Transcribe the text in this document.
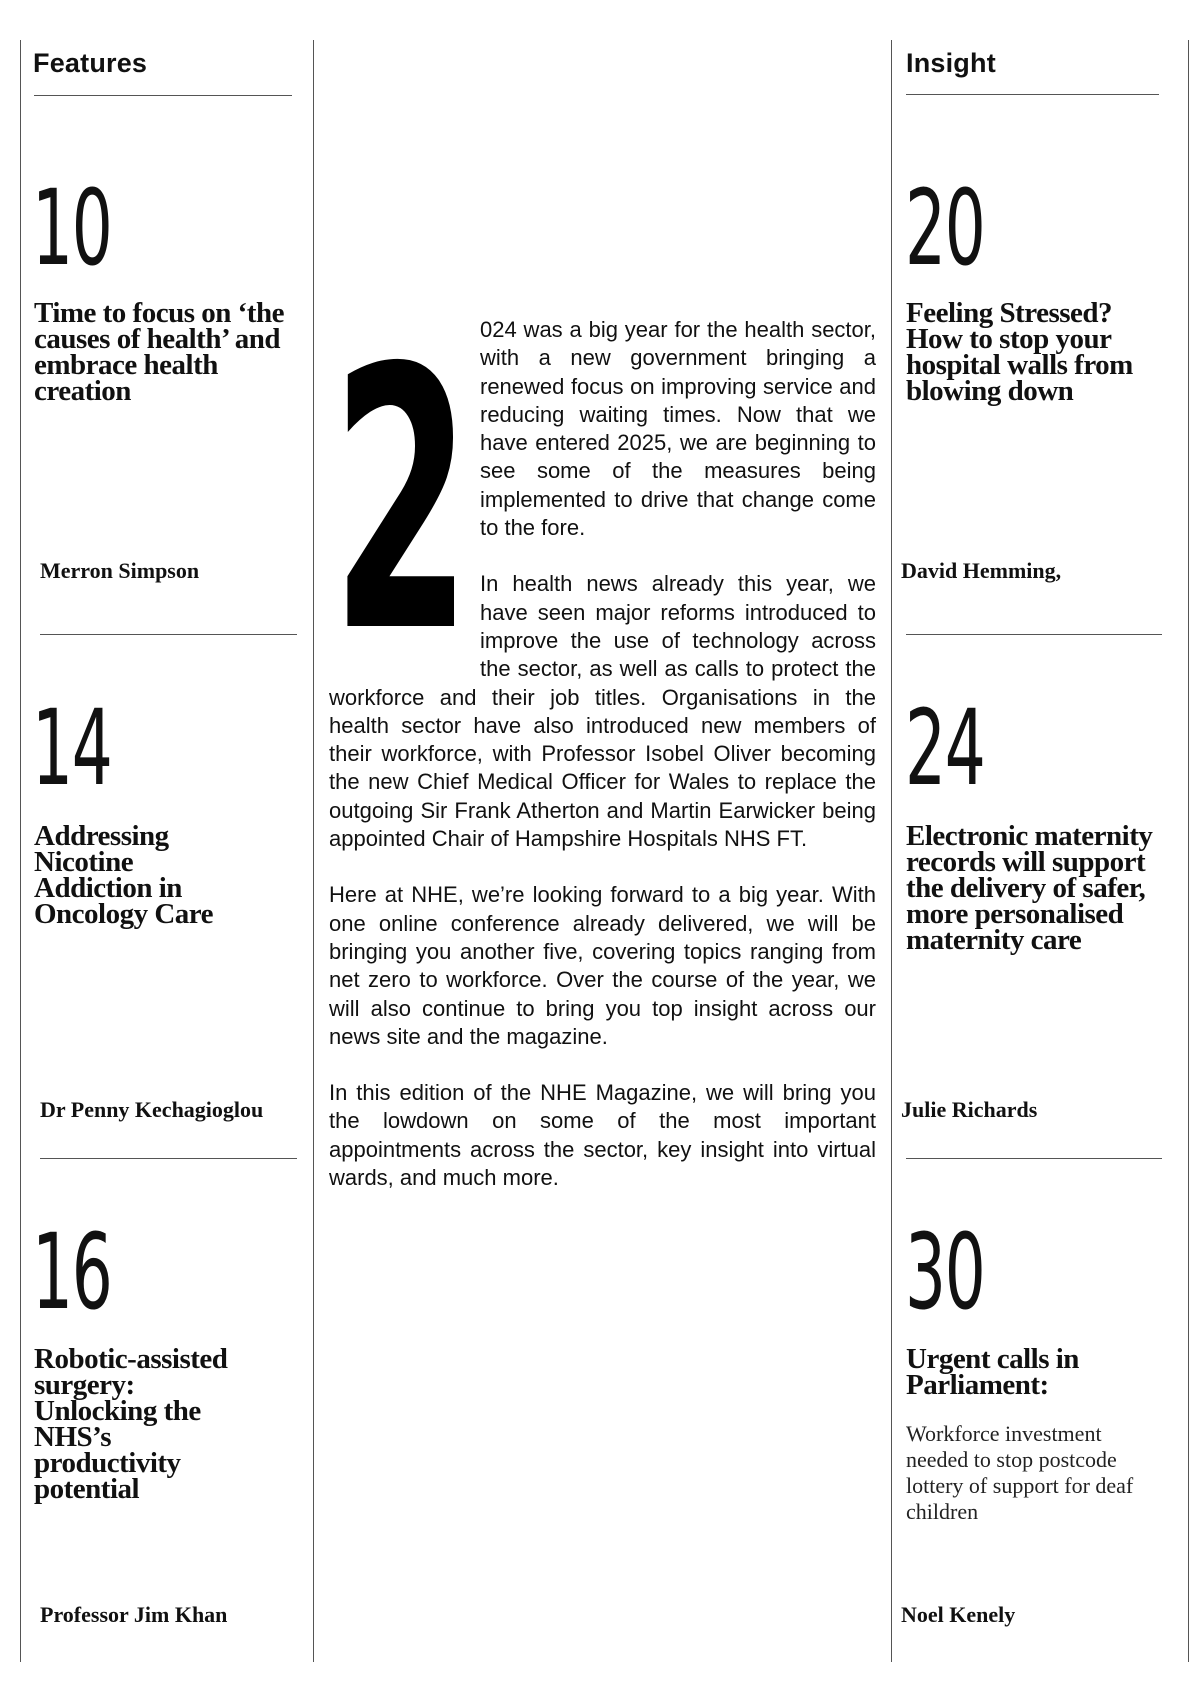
Features
10
Time to focus on ‘the causes of health’ and embrace health creation

Merron Simpson

14
Addressing Nicotine Addiction in Oncology Care

Dr Penny Kechagioglou

16
Robotic-assisted surgery: Unlocking the NHS’s productivity potential

Professor Jim Khan

2 024 was a big year for the health sector, with a new government bringing a renewed focus on improving service and reducing waiting times. Now that we have entered 2025, we are beginning to see some of the measures being implemented to drive that change come to the fore.

In health news already this year, we have seen major reforms introduced to improve the use of technology across the sector, as well as calls to protect the workforce and their job titles. Organisations in the health sector have also introduced new members of their workforce, with Professor Isobel Oliver becoming the new Chief Medical Officer for Wales to replace the outgoing Sir Frank Atherton and Martin Earwicker being appointed Chair of Hampshire Hospitals NHS FT.

Here at NHE, we’re looking forward to a big year. With one online conference already delivered, we will be bringing you another five, covering topics ranging from net zero to workforce. Over the course of the year, we will also continue to bring you top insight across our news site and the magazine.

In this edition of the NHE Magazine, we will bring you the lowdown on some of the most important appointments across the sector, key insight into virtual wards, and much more.

Insight
20
Feeling Stressed? How to stop your hospital walls from blowing down

David Hemming,

24
Electronic maternity records will support the delivery of safer, more personalised maternity care

Julie Richards

30
Urgent calls in Parliament:

Workforce investment needed to stop postcode lottery of support for deaf children

Noel Kenely
